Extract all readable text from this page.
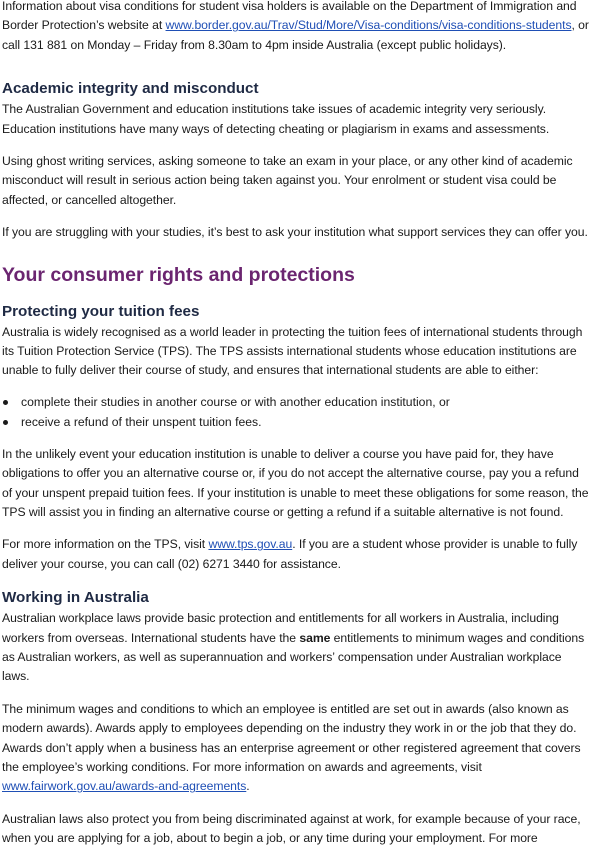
Information about visa conditions for student visa holders is available on the Department of Immigration and Border Protection’s website at www.border.gov.au/Trav/Stud/More/Visa-conditions/visa-conditions-students, or call 131 881 on Monday – Friday from 8.30am to 4pm inside Australia (except public holidays).

Academic integrity and misconduct

The Australian Government and education institutions take issues of academic integrity very seriously. Education institutions have many ways of detecting cheating or plagiarism in exams and assessments.

Using ghost writing services, asking someone to take an exam in your place, or any other kind of academic misconduct will result in serious action being taken against you. Your enrolment or student visa could be affected, or cancelled altogether.

If you are struggling with your studies, it’s best to ask your institution what support services they can offer you.

Your consumer rights and protections
Protecting your tuition fees

Australia is widely recognised as a world leader in protecting the tuition fees of international students through its Tuition Protection Service (TPS). The TPS assists international students whose education institutions are unable to fully deliver their course of study, and ensures that international students are able to either:

complete their studies in another course or with another education institution, or
receive a refund of their unspent tuition fees.

In the unlikely event your education institution is unable to deliver a course you have paid for, they have obligations to offer you an alternative course or, if you do not accept the alternative course, pay you a refund of your unspent prepaid tuition fees. If your institution is unable to meet these obligations for some reason, the TPS will assist you in finding an alternative course or getting a refund if a suitable alternative is not found.

For more information on the TPS, visit www.tps.gov.au. If you are a student whose provider is unable to fully deliver your course, you can call (02) 6271 3440 for assistance.

Working in Australia

Australian workplace laws provide basic protection and entitlements for all workers in Australia, including workers from overseas. International students have the same entitlements to minimum wages and conditions as Australian workers, as well as superannuation and workers’ compensation under Australian workplace laws.

The minimum wages and conditions to which an employee is entitled are set out in awards (also known as modern awards). Awards apply to employees depending on the industry they work in or the job that they do. Awards don’t apply when a business has an enterprise agreement or other registered agreement that covers the employee’s working conditions. For more information on awards and agreements, visit www.fairwork.gov.au/awards-and-agreements.

Australian laws also protect you from being discriminated against at work, for example because of your race, when you are applying for a job, about to begin a job, or any time during your employment. For more
